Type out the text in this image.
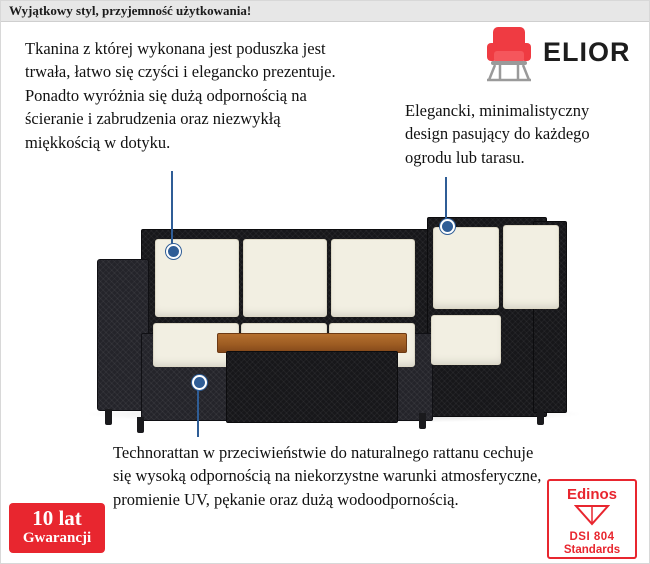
Wyjątkowy styl, przyjemność użytkowania!
ELIOR
Tkanina z której wykonana jest poduszka jest trwała, łatwo się czyści i elegancko prezentuje. Ponadto wyróżnia się dużą odpornością na ścieranie i zabrudzenia oraz niezwykłą miękkością w dotyku.
Elegancki, minimalistyczny design pasujący do każdego ogrodu lub tarasu.
Technorattan w przeciwieństwie do naturalnego rattanu cechuje się wysoką odpornością na niekorzystne warunki atmosferyczne, promienie UV, pękanie oraz dużą wodoodpornością.
10 lat
Gwarancji
Edinos
DSI 804
Standards
